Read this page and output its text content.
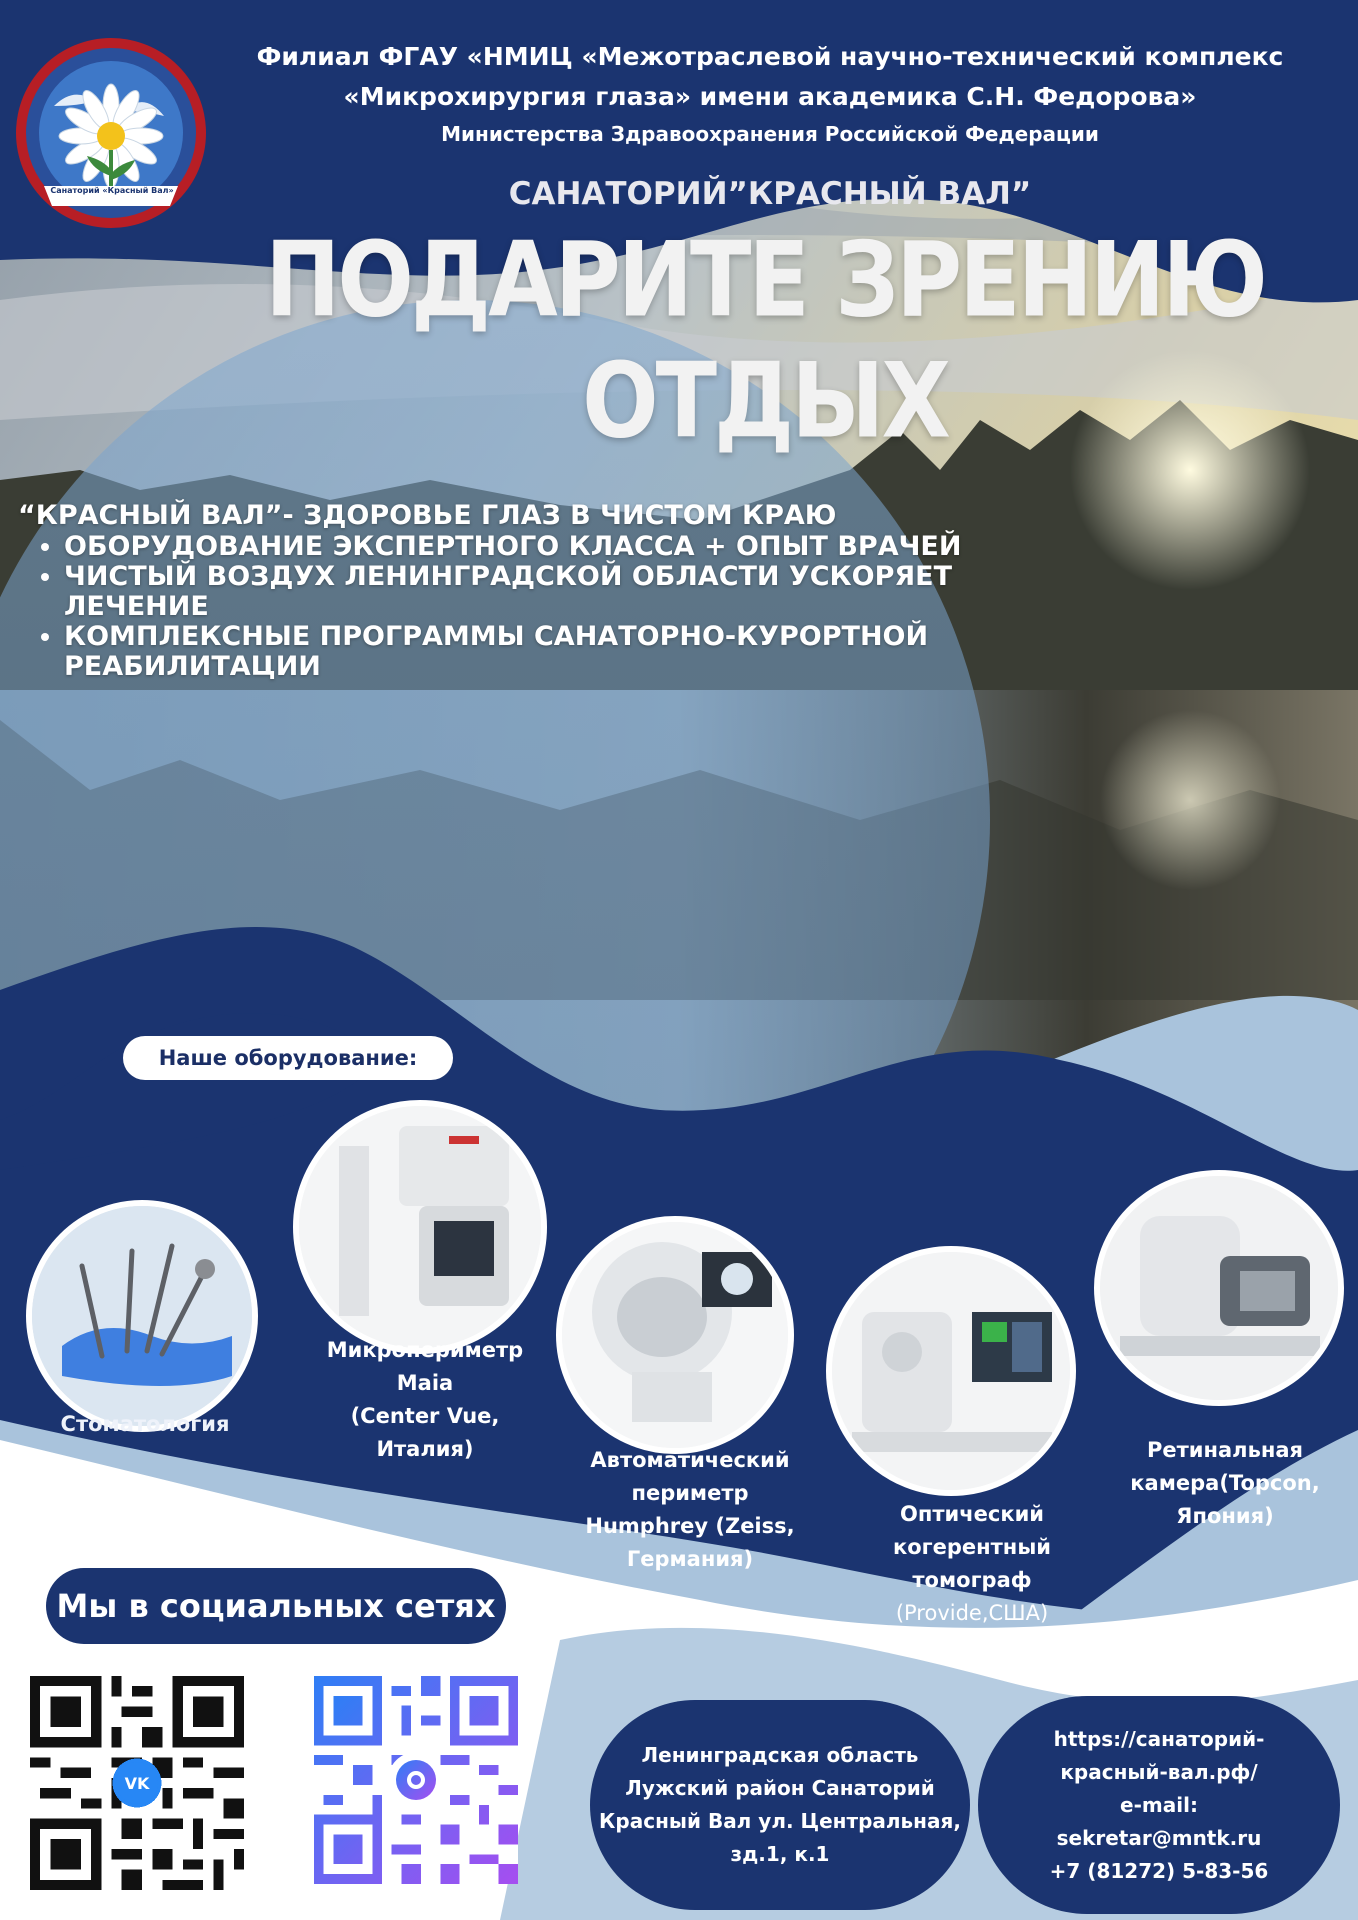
Санаторий «Красный Вал»
Филиал ФГАУ «НМИЦ «Межотраслевой научно-технический комплекс
«Микрохирургия глаза» имени академика С.Н. Федорова»
Министерства Здравоохранения Российской Федерации
САНАТОРИЙ”КРАСНЫЙ ВАЛ”
ПОДАРИТЕ ЗРЕНИЮ ОТДЫХ
“КРАСНЫЙ ВАЛ”- ЗДОРОВЬЕ ГЛАЗ В ЧИСТОМ КРАЮ
• ОБОРУДОВАНИЕ ЭКСПЕРТНОГО КЛАССА + ОПЫТ ВРАЧЕЙ
• ЧИСТЫЙ ВОЗДУХ ЛЕНИНГРАДСКОЙ ОБЛАСТИ УСКОРЯЕТ ЛЕЧЕНИЕ
• КОМПЛЕКСНЫЕ ПРОГРАММЫ САНАТОРНО-КУРОРТНОЙ РЕАБИЛИТАЦИИ
Наше оборудование:
Стоматология
Микропериметр
Maia
(Center Vue,
Италия)	Автоматический
периметр
Humphrey (Zeiss,
Германия)
Оптический
когерентный
томограф
(Provide,США)
Ретинальная
камера(Topcon,
Япония)
Мы в социальных сетях
VK
Ленинградская область
Лужский район Санаторий
Красный Вал ул. Центральная,
зд.1, к.1
https://санаторий-
красный-вал.рф/
e-mail:
sekretar@mntk.ru
+7 (81272) 5-83-56
